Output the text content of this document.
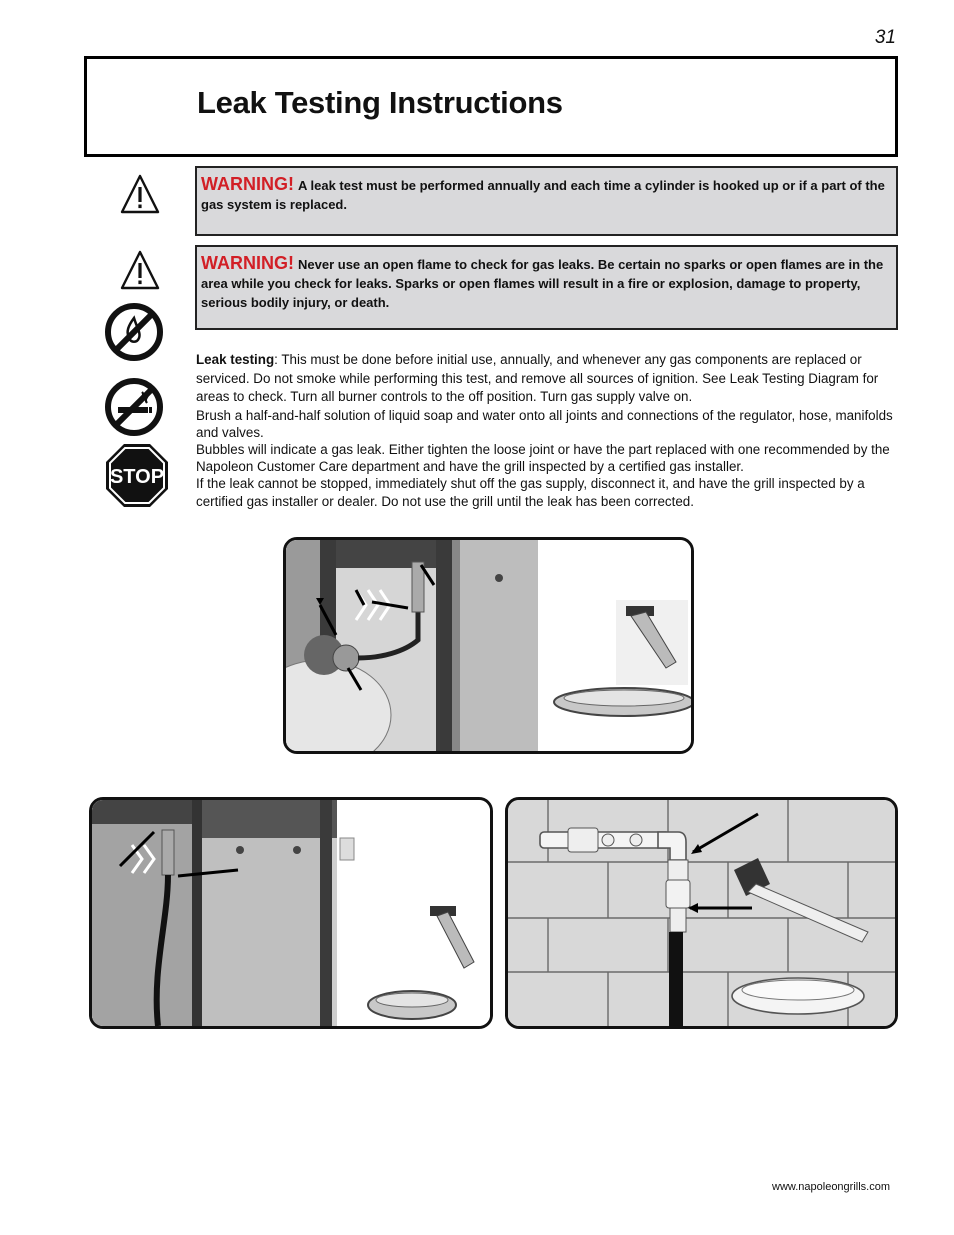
31
Leak Testing Instructions
STOP
WARNING! A leak test must be performed annually and each time a cylinder is hooked up or if a part of the gas system is replaced.
WARNING! Never use an open flame to check for gas leaks. Be certain no sparks or open flames are in the area while you check for leaks. Sparks or open flames will result in a fire or explosion, damage to property, serious bodily injury, or death.

Leak testing: This must be done before initial use, annually, and whenever any gas components are replaced or serviced. Do not smoke while performing this test, and remove all sources of ignition. See Leak Testing Diagram for areas to check. Turn all burner controls to the off position. Turn gas supply valve on.

Brush a half-and-half solution of liquid soap and water onto all joints and connections of the regulator, hose, manifolds and valves.

Bubbles will indicate a gas leak. Either tighten the loose joint or have the part replaced with one recommended by the Napoleon Customer Care department and have the grill inspected by a certified gas installer.

If the leak cannot be stopped, immediately shut off the gas supply, disconnect it, and have the grill inspected by a certified gas installer or dealer. Do not use the grill until the leak has been corrected.

www.napoleongrills.com
